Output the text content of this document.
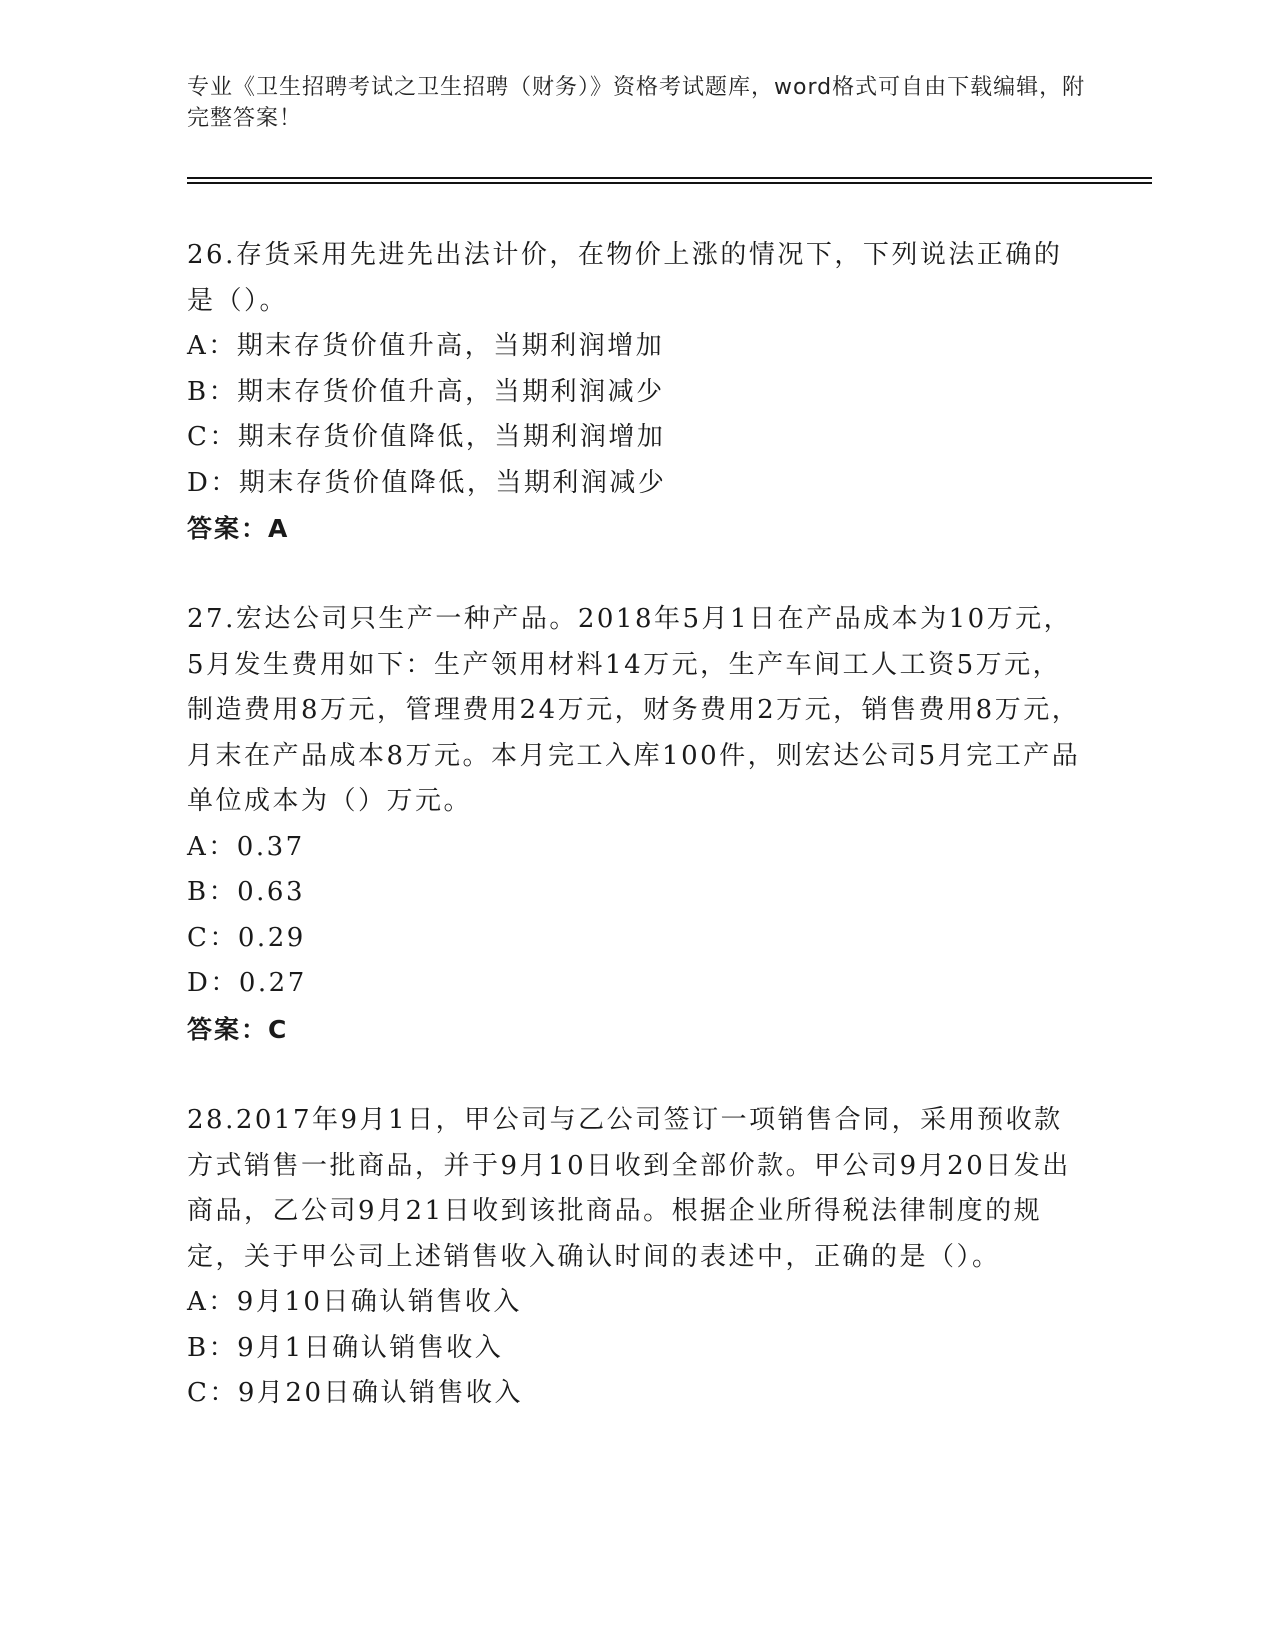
专业《卫生招聘考试之卫生招聘（财务）》资格考试题库，word格式可自由下载编辑，附完整答案！

26.存货采用先进先出法计价，在物价上涨的情况下，下列说法正确的是（）。

A：期末存货价值升高，当期利润增加

B：期末存货价值升高，当期利润减少

C：期末存货价值降低，当期利润增加

D：期末存货价值降低，当期利润减少

答案：A

27.宏达公司只生产一种产品。2018年5月1日在产品成本为10万元，5月发生费用如下：生产领用材料14万元，生产车间工人工资5万元，制造费用8万元，管理费用24万元，财务费用2万元，销售费用8万元，月末在产品成本8万元。本月完工入库100件，则宏达公司5月完工产品单位成本为（）万元。

A：0.37

B：0.63

C：0.29

D：0.27

答案：C

28.2017年9月1日，甲公司与乙公司签订一项销售合同，采用预收款方式销售一批商品，并于9月10日收到全部价款。甲公司9月20日发出商品，乙公司9月21日收到该批商品。根据企业所得税法律制度的规定，关于甲公司上述销售收入确认时间的表述中，正确的是（）。

A：9月10日确认销售收入

B：9月1日确认销售收入

C：9月20日确认销售收入
